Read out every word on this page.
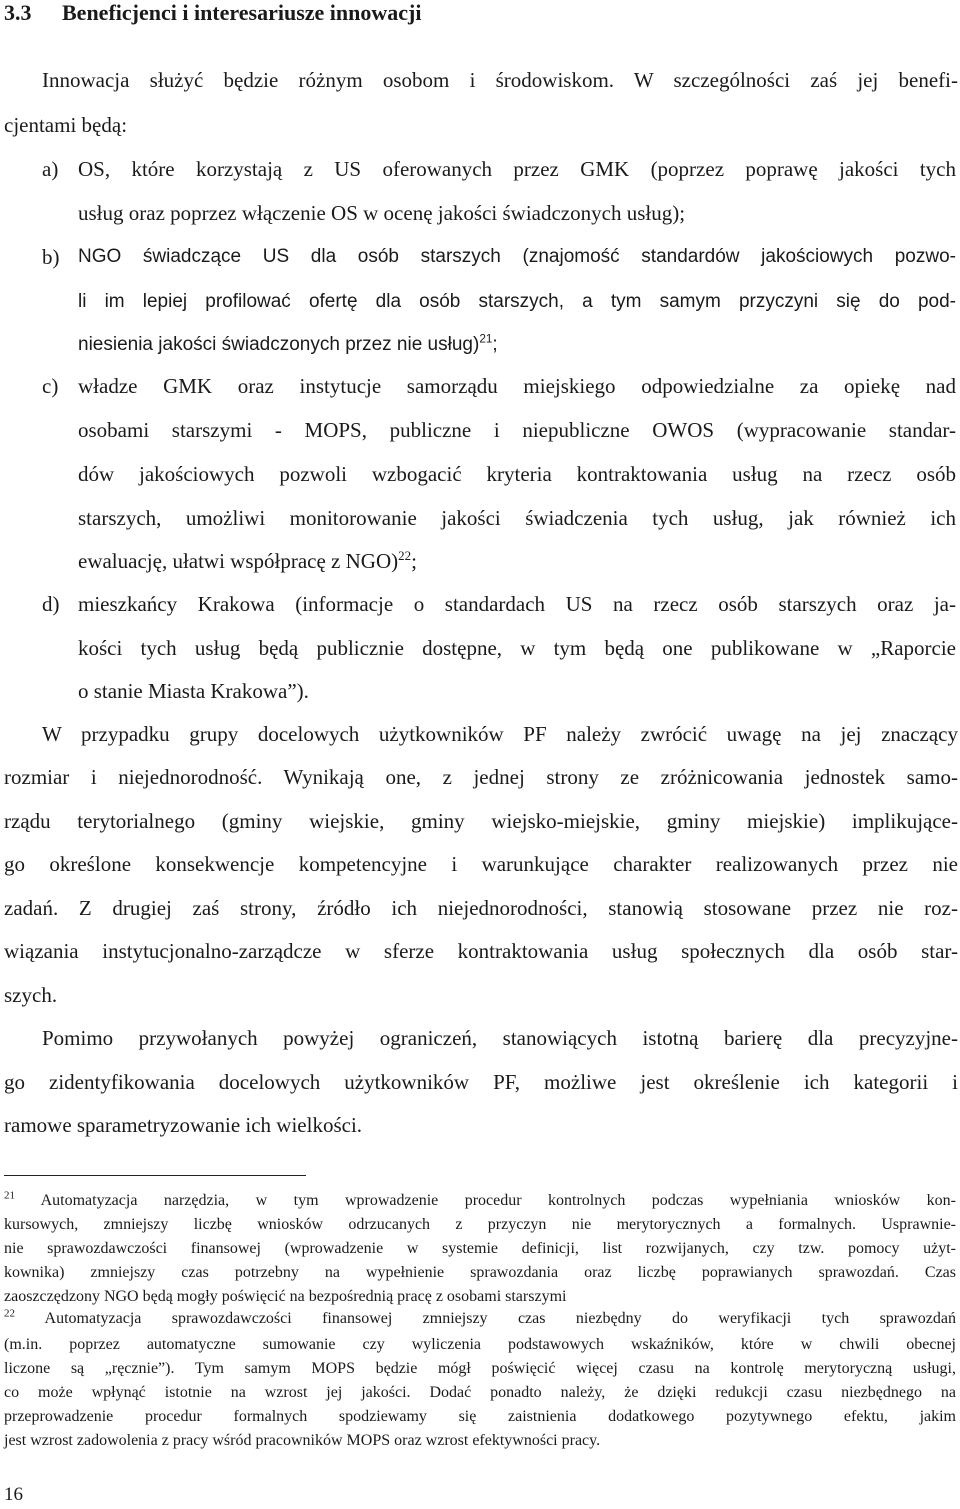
3.3 Beneficjenci i interesariusze innowacji
Innowacja służyć będzie różnym osobom i środowiskom. W szczególności zaś jej benefi-
cjentami będą:
a) OS, które korzystają z US oferowanych przez GMK (poprzez poprawę jakości tych
usług oraz poprzez włączenie OS w ocenę jakości świadczonych usług);
b) NGO świadczące US dla osób starszych (znajomość standardów jakościowych pozwo-
li im lepiej profilować ofertę dla osób starszych, a tym samym przyczyni się do pod-
niesienia jakości świadczonych przez nie usług)$^{21}$;
c) władze GMK oraz instytucje samorządu miejskiego odpowiedzialne za opiekę nad
osobami starszymi - MOPS, publiczne i niepubliczne OWOS (wypracowanie standar-
dów jakościowych pozwoli wzbogacić kryteria kontraktowania usług na rzecz osób
starszych, umożliwi monitorowanie jakości świadczenia tych usług, jak również ich
ewaluację, ułatwi współpracę z NGO)$^{22}$;
d) mieszkańcy Krakowa (informacje o standardach US na rzecz osób starszych oraz ja-
kości tych usług będą publicznie dostępne, w tym będą one publikowane w „Raporcie
o stanie Miasta Krakowa”).
W przypadku grupy docelowych użytkowników PF należy zwrócić uwagę na jej znaczący
rozmiar i niejednorodność. Wynikają one, z jednej strony ze zróżnicowania jednostek samo-
rządu terytorialnego (gminy wiejskie, gminy wiejsko-miejskie, gminy miejskie) implikujące-
go określone konsekwencje kompetencyjne i warunkujące charakter realizowanych przez nie
zadań. Z drugiej zaś strony, źródło ich niejednorodności, stanowią stosowane przez nie roz-
wiązania instytucjonalno-zarządcze w sferze kontraktowania usług społecznych dla osób star-
szych.
Pomimo przywołanych powyżej ograniczeń, stanowiących istotną barierę dla precyzyjne-
go zidentyfikowania docelowych użytkowników PF, możliwe jest określenie ich kategorii i
ramowe sparametryzowanie ich wielkości.
$^{21}$ Automatyzacja narzędzia, w tym wprowadzenie procedur kontrolnych podczas wypełniania wniosków kon-
kursowych, zmniejszy liczbę wniosków odrzucanych z przyczyn nie merytorycznych a formalnych. Usprawnie-
nie sprawozdawczości finansowej (wprowadzenie w systemie definicji, list rozwijanych, czy tzw. pomocy użyt-
kownika) zmniejszy czas potrzebny na wypełnienie sprawozdania oraz liczbę poprawianych sprawozdań. Czas
zaoszczędzony NGO będą mogły poświęcić na bezpośrednią pracę z osobami starszymi
$^{22}$ Automatyzacja sprawozdawczości finansowej zmniejszy czas niezbędny do weryfikacji tych sprawozdań
(m.in. poprzez automatyczne sumowanie czy wyliczenia podstawowych wskaźników, które w chwili obecnej
liczone są „ręcznie”). Tym samym MOPS będzie mógł poświęcić więcej czasu na kontrolę merytoryczną usługi,
co może wpłynąć istotnie na wzrost jej jakości. Dodać ponadto należy, że dzięki redukcji czasu niezbędnego na
przeprowadzenie procedur formalnych spodziewamy się zaistnienia dodatkowego pozytywnego efektu, jakim
jest wzrost zadowolenia z pracy wśród pracowników MOPS oraz wzrost efektywności pracy.
16
